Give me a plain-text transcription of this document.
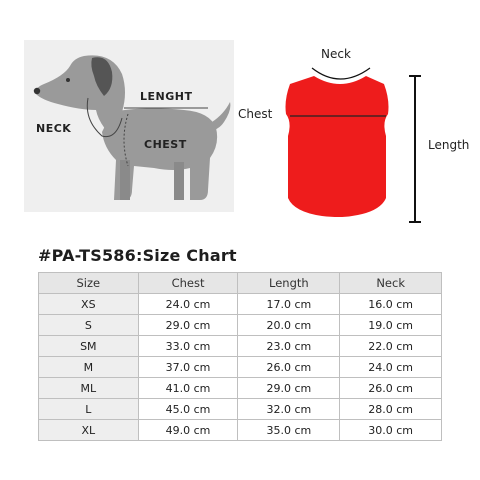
NECK
LENGHT
CHEST
Neck
Chest
Length
#PA-TS586:Size Chart
Size	Chest	Length	Neck
XS	24.0 cm	17.0 cm	16.0 cm
S	29.0 cm	20.0 cm	19.0 cm
SM	33.0 cm	23.0 cm	22.0 cm
M	37.0 cm	26.0 cm	24.0 cm
ML	41.0 cm	29.0 cm	26.0 cm
L	45.0 cm	32.0 cm	28.0 cm
XL	49.0 cm	35.0 cm	30.0 cm
